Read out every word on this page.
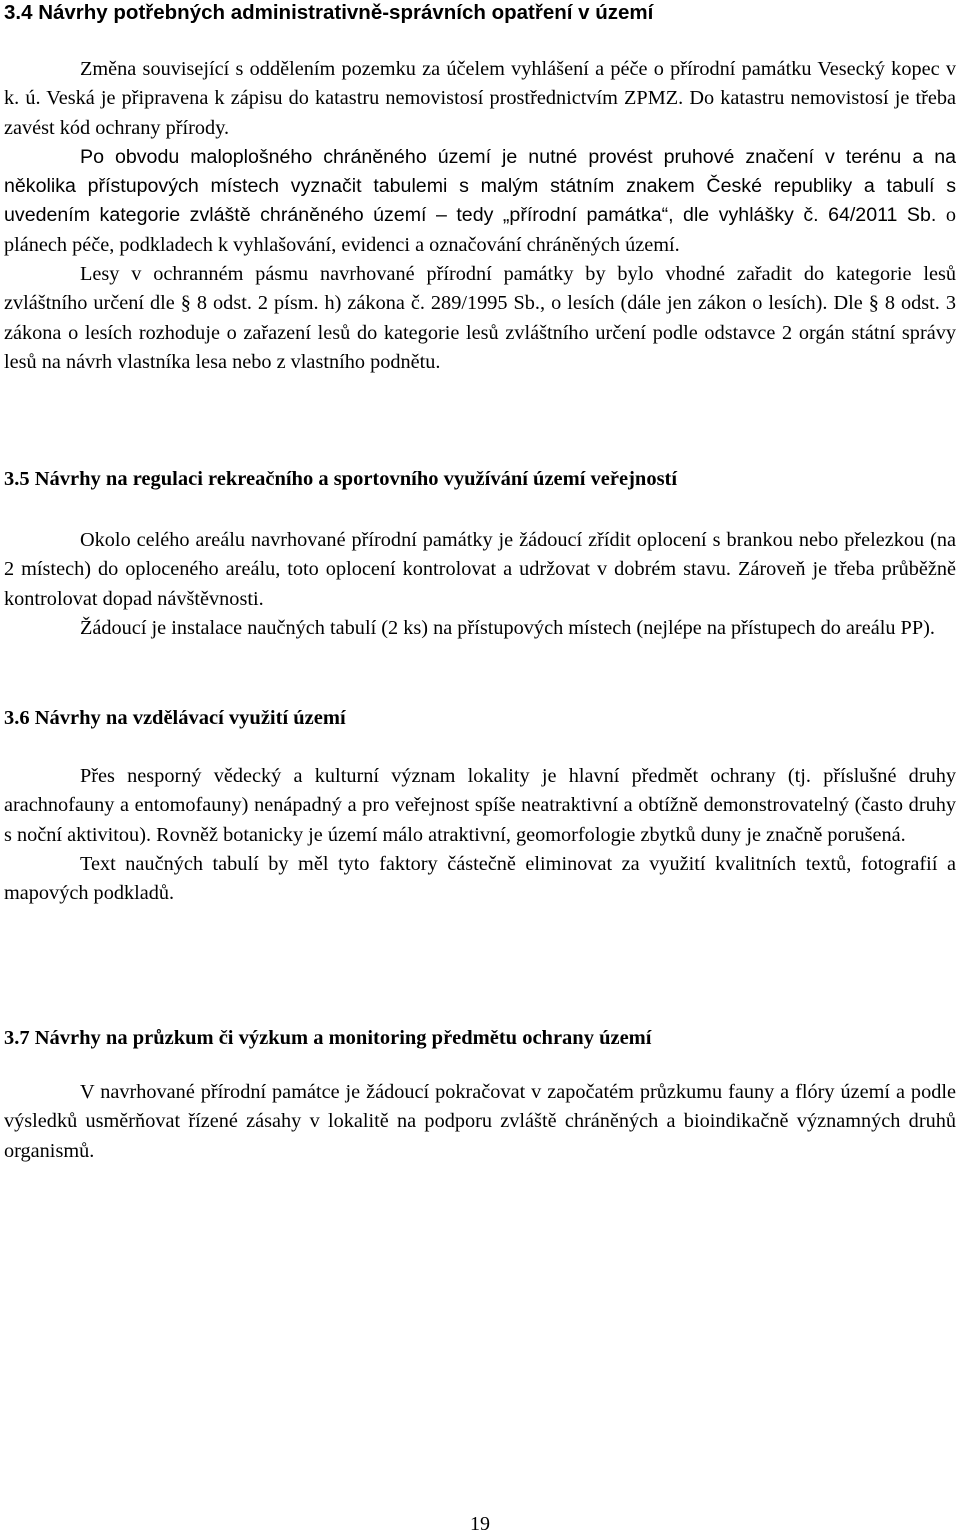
3.4 Návrhy potřebných administrativně-správních opatření v území

Změna související s oddělením pozemku za účelem vyhlášení a péče o přírodní památku Vesecký kopec v k. ú. Veská je připravena k zápisu do katastru nemovistosí prostřednictvím ZPMZ. Do katastru nemovistosí je třeba zavést kód ochrany přírody.

Po obvodu maloplošného chráněného území je nutné provést pruhové značení v terénu a na několika přístupových místech vyznačit tabulemi s malým státním znakem České republiky a tabulí s uvedením kategorie zvláště chráněného území – tedy „přírodní památka“, dle vyhlášky č. 64/2011 Sb. o plánech péče, podkladech k vyhlašování, evidenci a označování chráněných území.

Lesy v ochranném pásmu navrhované přírodní památky by bylo vhodné zařadit do kategorie lesů zvláštního určení dle § 8 odst. 2 písm. h) zákona č. 289/1995 Sb., o lesích (dále jen zákon o lesích). Dle § 8 odst. 3 zákona o lesích rozhoduje o zařazení lesů do kategorie lesů zvláštního určení podle odstavce 2 orgán státní správy lesů na návrh vlastníka lesa nebo z vlastního podnětu.

3.5 Návrhy na regulaci rekreačního a sportovního využívání území veřejností

Okolo celého areálu navrhované přírodní památky je žádoucí zřídit oplocení s brankou nebo přelezkou (na 2 místech) do oploceného areálu, toto oplocení kontrolovat a udržovat v dobrém stavu. Zároveň je třeba průběžně kontrolovat dopad návštěvnosti.

Žádoucí je instalace naučných tabulí (2 ks) na přístupových místech (nejlépe na přístupech do areálu PP).

3.6 Návrhy na vzdělávací využití území

Přes nesporný vědecký a kulturní význam lokality je hlavní předmět ochrany (tj. příslušné druhy arachnofauny a entomofauny) nenápadný a pro veřejnost spíše neatraktivní a obtížně demonstrovatelný (často druhy s noční aktivitou). Rovněž botanicky je území málo atraktivní, geomorfologie zbytků duny je značně porušená.

Text naučných tabulí by měl tyto faktory částečně eliminovat za využití kvalitních textů, fotografií a mapových podkladů.

3.7 Návrhy na průzkum či výzkum a monitoring předmětu ochrany území

V navrhované přírodní památce je žádoucí pokračovat v započatém průzkumu fauny a flóry území a podle výsledků usměrňovat řízené zásahy v lokalitě na podporu zvláště chráněných a bioindikačně významných druhů organismů.

19
